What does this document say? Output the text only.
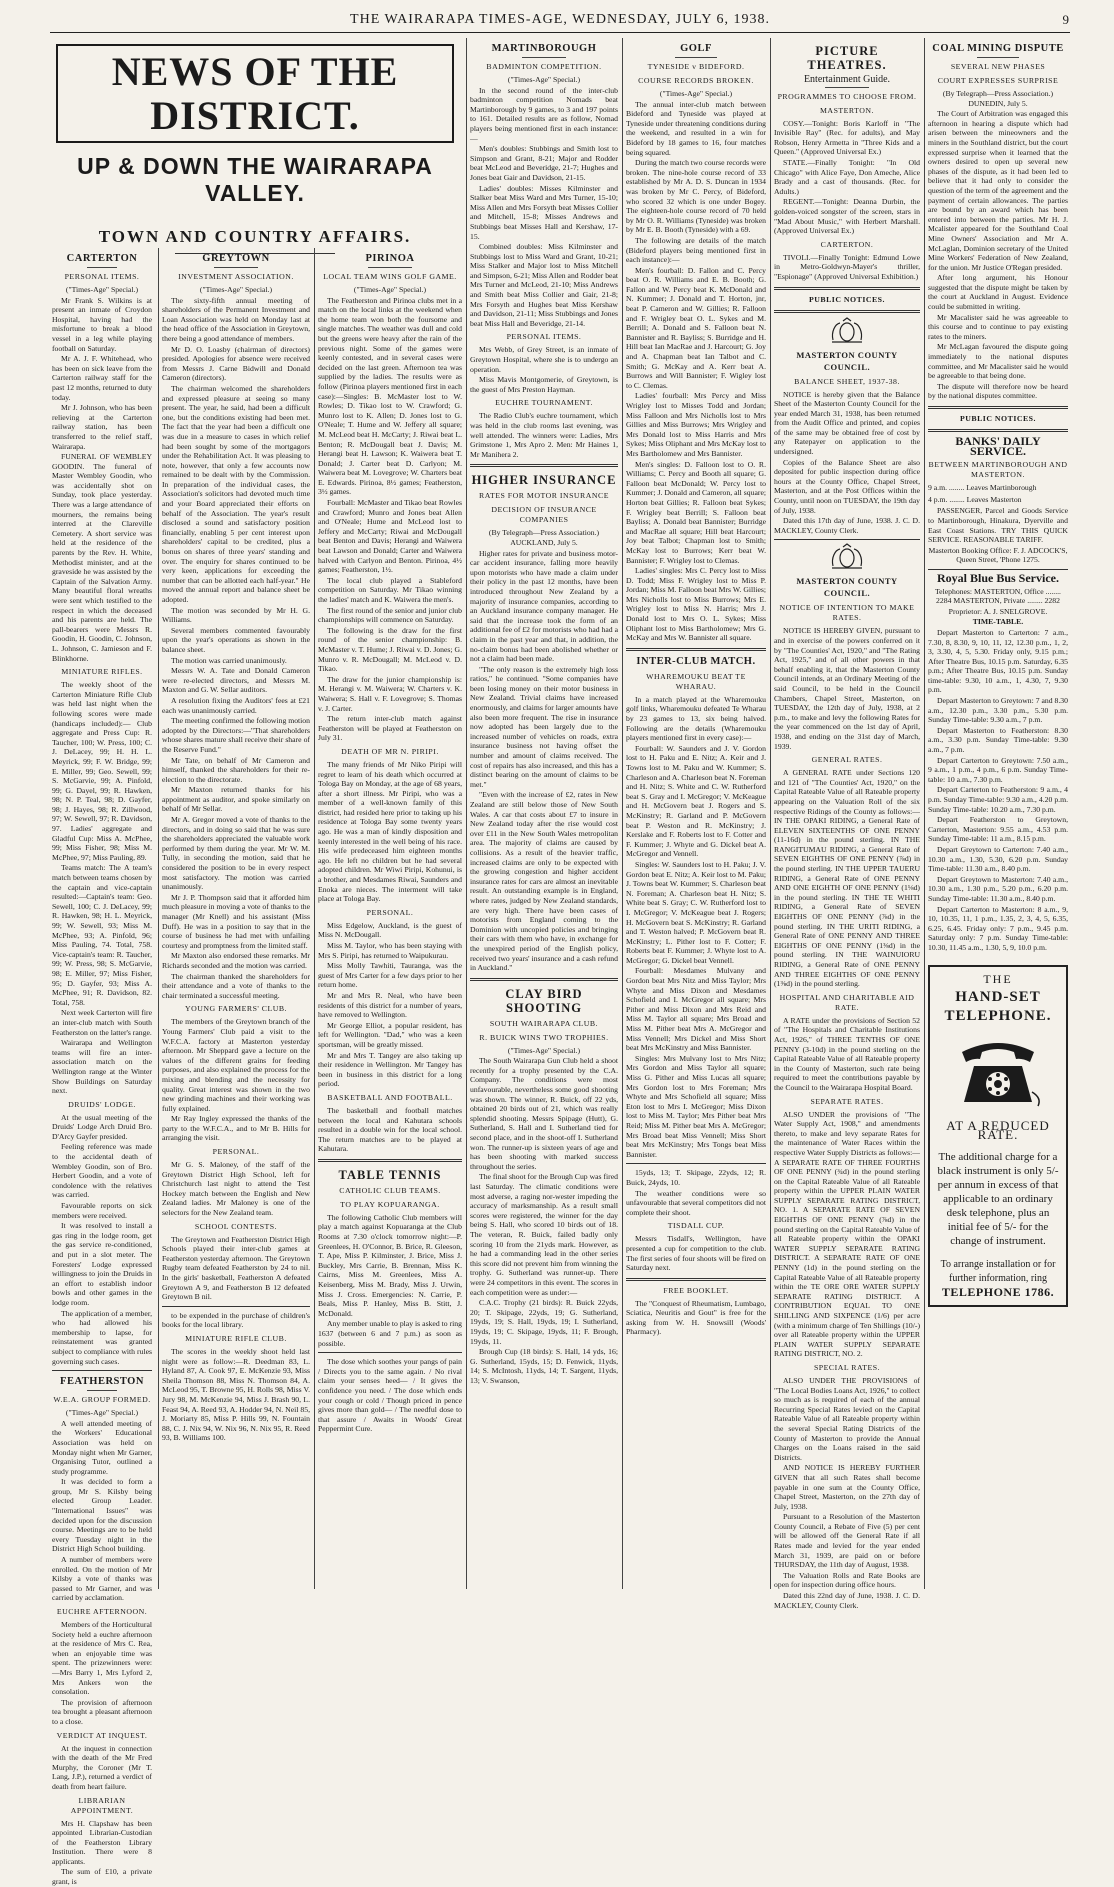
THE WAIRARAPA TIMES-AGE, WEDNESDAY, JULY 6, 1938.	9
NEWS OF THE DISTRICT.
UP & DOWN THE WAIRARAPA VALLEY.
TOWN AND COUNTRY AFFAIRS.
CARTERTON
PERSONAL ITEMS.

("Times-Age" Special.)

Mr Frank S. Wilkins is at present an inmate of Croydon Hospital, having had the misfortune to break a blood vessel in a leg while playing football on Saturday.

Mr A. J. F. Whitehead, who has been on sick leave from the Carterton railway staff for the past 12 months, returned to duty today.

Mr J. Johnson, who has been relieving at the Carterton railway station, has been transferred to the relief staff, Wairarapa.

FUNERAL OF WEMBLEY GOODIN. The funeral of Master Wembley Goodin, who was accidentally shot on Sunday, took place yesterday. There was a large attendance of mourners, the remains being interred at the Clareville Cemetery. A short service was held at the residence of the parents by the Rev. H. White, Methodist minister, and at the graveside he was assisted by the Captain of the Salvation Army. Many beautiful floral wreaths were sent which testified to the respect in which the deceased and his parents are held. The pall-bearers were Messrs R. Goodin, H. Goodin, C. Johnson, L. Johnson, C. Jamieson and F. Blinkhorne.

MINIATURE RIFLES.

The weekly shoot of the Carterton Miniature Rifle Club was held last night when the following scores were made (handicaps included):— Club aggregate and Press Cup: R. Taucher, 100; W. Press, 100; C. J. DeLacey, 99; H. H. L. Meyrick, 99; F. W. Bridge, 99; E. Miller, 99; Geo. Sewell, 99; S. McGarvie, 99; A. Pinfold, 99; G. Dayel, 99; R. Hawken, 98; N. P. Teal, 98; D. Gayfer, 98; J. Hayes, 98; R. Zillwood, 97; W. Sewell, 97; R. Davidson, 97. Ladies' aggregate and Gladful Cup: Miss A. McPhee, 99; Miss Fisher, 98; Miss M. McPhee, 97; Miss Pauling, 89.

Teams match: The A team's match between teams chosen by the captain and vice-captain resulted:—Captain's team: Geo. Sewell, 100; C. J. DeLacey, 99; R. Hawken, 98; H. L. Meyrick, 99; W. Sewell, 93; Miss M. McPhee, 93; A. Pinfold, 96; Miss Pauling, 74. Total, 758. Vice-captain's team: R. Taucher, 99; W. Press, 98; S. McGarvie, 98; E. Miller, 97; Miss Fisher, 95; D. Gayfer, 93; Miss A. McPhee, 91; R. Davidson, 82. Total, 758.

Next week Carterton will fire an inter-club match with South Featherston on the latter's range.

Wairarapa and Wellington teams will fire an inter-association match on the Wellington range at the Winter Show Buildings on Saturday next.

DRUIDS' LODGE.

At the usual meeting of the Druids' Lodge Arch Druid Bro. D'Arcy Gayfer presided.

Feeling reference was made to the accidental death of Wembley Goodin, son of Bro. Herbert Goodin, and a vote of condolence with the relatives was carried.

Favourable reports on sick members were received.

It was resolved to install a gas ring in the lodge room, get the gas service re-conditioned, and put in a slot meter. The Foresters' Lodge expressed willingness to join the Druids in an effort to establish indoor bowls and other games in the lodge room.

The application of a member, who had allowed his membership to lapse, for reinstatement was granted subject to compliance with rules governing such cases.

FEATHERSTON
W.E.A. GROUP FORMED.

("Times-Age" Special.)

A well attended meeting of the Workers' Educational Association was held on Monday night when Mr Garner, Organising Tutor, outlined a study programme.

It was decided to form a group, Mr S. Kilsby being elected Group Leader. "International Issues" was decided upon for the discussion course. Meetings are to be held every Tuesday night in the District High School building.

A number of members were enrolled. On the motion of Mr Kilsby a vote of thanks was passed to Mr Garner, and was carried by acclamation.

EUCHRE AFTERNOON.

Members of the Horticultural Society held a euchre afternoon at the residence of Mrs C. Rea, when an enjoyable time was spent. The prizewinners were:—Mrs Barry 1, Mrs Lyford 2, Mrs Ankers won the consolation.

The provision of afternoon tea brought a pleasant afternoon to a close.

VERDICT AT INQUEST.

At the inquest in connection with the death of the Mr Fred Murphy, the Coroner (Mr T. Lang, J.P.), returned a verdict of death from heart failure.

LIBRARIAN APPOINTMENT.

Mrs H. Clapshaw has been appointed Librarian-Custodian of the Featherston Library Institution. There were 8 applicants.

The sum of £10, a private grant, is

GREYTOWN
INVESTMENT ASSOCIATION.

("Times-Age" Special.)

The sixty-fifth annual meeting of shareholders of the Permanent Investment and Loan Association was held on Monday last at the head office of the Association in Greytown, there being a good attendance of members.

Mr D. O. Loasby (chairman of directors) presided. Apologies for absence were received from Messrs J. Carne Bidwill and Donald Cameron (directors).

The chairman welcomed the shareholders and expressed pleasure at seeing so many present. The year, he said, had been a difficult one, but the conditions existing had been met. The fact that the year had been a difficult one was due in a measure to cases in which relief had been sought by some of the mortgagors under the Rehabilitation Act. It was pleasing to note, however, that only a few accounts now remained to be dealt with by the Commission. In preparation of the individual cases, the Association's solicitors had devoted much time and your Board appreciated their efforts on behalf of the Association. The year's result disclosed a sound and satisfactory position financially, enabling 5 per cent interest upon shareholders' capital to be credited, plus a bonus on shares of three years' standing and over. The enquiry for shares continued to be very keen, applications for exceeding the number that can be allotted each half-year." He moved the annual report and balance sheet be adopted.

The motion was seconded by Mr H. G. Williams.

Several members commented favourably upon the year's operations as shown in the balance sheet.

The motion was carried unanimously.

Messrs W. A. Tate and Donald Cameron were re-elected directors, and Messrs M. Maxton and G. W. Sellar auditors.

A resolution fixing the Auditors' fees at £21 each was unanimously carried.

The meeting confirmed the following motion adopted by the Directors:—"That shareholders whose shares mature shall receive their share of the Reserve Fund."

Mr Tate, on behalf of Mr Cameron and himself, thanked the shareholders for their re-election to the directorate.

Mr Maxton returned thanks for his appointment as auditor, and spoke similarly on behalf of Mr Sellar.

Mr A. Gregor moved a vote of thanks to the directors, and in doing so said that he was sure the shareholders appreciated the valuable work performed by them during the year. Mr W. M. Tully, in seconding the motion, said that he considered the position to be in every respect most satisfactory. The motion was carried unanimously.

Mr J. P. Thompson said that it afforded him much pleasure in moving a vote of thanks to the manager (Mr Knell) and his assistant (Miss Duff). He was in a position to say that in the course of business he had met with unfailing courtesy and promptness from the limited staff.

Mr Maxton also endorsed these remarks. Mr Richards seconded and the motion was carried.

The chairman thanked the shareholders for their attendance and a vote of thanks to the chair terminated a successful meeting.

YOUNG FARMERS' CLUB.

The members of the Greytown branch of the Young Farmers' Club paid a visit to the W.F.C.A. factory at Masterton yesterday afternoon. Mr Sheppard gave a lecture on the values of the different grains for feeding purposes, and also explained the process for the mixing and blending and the necessity for quality. Great interest was shown in the two new grinding machines and their working was fully explained.

Mr Ray Ingley expressed the thanks of the party to the W.F.C.A., and to Mr B. Hills for arranging the visit.

PERSONAL.

Mr G. S. Maloney, of the staff of the Greytown District High School, left for Christchurch last night to attend the Test Hockey match between the English and New Zealand ladies. Mr Maloney is one of the selectors for the New Zealand team.

SCHOOL CONTESTS.

The Greytown and Featherston District High Schools played their inter-club games at Featherston yesterday afternoon. The Greytown Rugby team defeated Featherston by 24 to nil. In the girls' basketball, Featherston A defeated Greytown A 9, and Featherston B 12 defeated Greytown B nil.

to be expended in the purchase of children's books for the local library.

MINIATURE RIFLE CLUB.

The scores in the weekly shoot held last night were as follow:—R. Deedman 83, L. Hyland 87, A. Cook 97, E. McKenzie 93, Miss Sheila Thomson 88, Miss N. Thomson 84, A. McLeod 95, T. Browne 95, H. Rolls 98, Miss V. Jury 98, M. McKenzie 94, Miss J. Brash 90, L. Feast 94, A. Reed 93, A. Hodder 94, N. Neil 85, J. Moriarty 85, Miss P. Hills 99, N. Fountain 88, C. J. Nix 94, W. Nix 96, N. Nix 95, R. Reed 93, B. Williams 100.

PIRINOA
LOCAL TEAM WINS GOLF GAME.

("Times-Age" Special.)

The Featherston and Pirinoa clubs met in a match on the local links at the weekend when the home team won both the foursome and single matches. The weather was dull and cold but the greens were heavy after the rain of the previous night. Some of the games were keenly contested, and in several cases were decided on the last green. Afternoon tea was supplied by the ladies. The results were as follow (Pirinoa players mentioned first in each case):—Singles: B. McMaster lost to W. Rowles; D. Tikao lost to W. Crawford; G. Munro lost to K. Allen; D. Jones lost to G. O'Neale; T. Hume and W. Jeffery all square; M. McLeod beat H. McCarty; J. Riwai beat L. Benton; R. McDougall beat J. Davis; M. Herangi beat H. Lawson; K. Waiwera beat T. Donald; J. Carter beat D. Carlyon; M. Waiwera beat M. Lovegrove; W. Charters beat E. Edwards. Pirinoa, 8½ games; Featherston, 3½ games.

Fourball: McMaster and Tikao beat Rowles and Crawford; Munro and Jones beat Allen and O'Neale; Hume and McLeod lost to Jeffery and McCarty; Riwai and McDougall beat Benton and Davis; Herangi and Waiwera beat Lawson and Donald; Carter and Waiwera halved with Carlyon and Benton. Pirinoa, 4½ games; Featherston, 1½.

The local club played a Stableford competition on Saturday. Mr Tikao winning the ladies' match and K. Waiwera the men's.

The first round of the senior and junior club championships will commence on Saturday.

The following is the draw for the first round of the senior championship: B. McMaster v. T. Hume; J. Riwai v. D. Jones; G. Munro v. R. McDougall; M. McLeod v. D. Tikao.

The draw for the junior championship is: M. Herangi v. M. Waiwera; W. Charters v. K. Waiwera; S. Hall v. F. Lovegrove; S. Thomas v. J. Carter.

The return inter-club match against Featherston will be played at Featherston on July 31.

DEATH OF MR N. PIRIPI.

The many friends of Mr Niko Piripi will regret to learn of his death which occurred at Tologa Bay on Monday, at the age of 68 years, after a short illness. Mr Piripi, who was a member of a well-known family of this district, had resided here prior to taking up his residence at Tologa Bay some twenty years ago. He was a man of kindly disposition and keenly interested in the well being of his race. His wife predeceased him eighteen months ago. He left no children but he had several adopted children. Mr Wiwi Piripi, Kohunui, is a brother, and Mesdames Riwai, Saunders and Enoka are nieces. The interment will take place at Tologa Bay.

PERSONAL.

Miss Edgelow, Auckland, is the guest of Miss N. McDougall.

Miss M. Taylor, who has been staying with Mrs S. Piripi, has returned to Waipukurau.

Miss Molly Tawhiti, Tauranga, was the guest of Mrs Carter for a few days prior to her return home.

Mr and Mrs R. Neal, who have been residents of this district for a number of years, have removed to Wellington.

Mr George Elliot, a popular resident, has left for Wellington. "Dad," who was a keen sportsman, will be greatly missed.

Mr and Mrs T. Tangey are also taking up their residence in Wellington. Mr Tangey has been in business in this district for a long period.

BASKETBALL AND FOOTBALL.

The basketball and football matches between the local and Kahutara schools resulted in a double win for the local school. The return matches are to be played at Kahutara.

TABLE TENNIS
CATHOLIC CLUB TEAMS.
TO PLAY KOPUARANGA.

The following Catholic Club members will play a match against Kopuaranga at the Club Rooms at 7.30 o'clock tomorrow night:—P. Greenlees, H. O'Connor, B. Brice, R. Gleeson, T. Ape, Miss P. Kilminster, J. Brice, Miss J. Buckley, Mrs Carrie, B. Brennan, Miss K. Cairns, Miss M. Greenlees, Miss A. Keisenberg, Miss M. Brady, Miss J. Urwin, Miss J. Cross. Emergencies: N. Carrie, P. Beals, Miss P. Hanley, Miss B. Stitt, J. McDonald.

Any member unable to play is asked to ring 1637 (between 6 and 7 p.m.) as soon as possible.

The dose which soothes your pangs of pain / Directs you to the same again. / No rival claim your senses heed— / It gives the confidence you need. / The dose which ends your cough or cold / Though priced in pence gives more than gold— / The needful dose to that assure / Awaits in Woods' Great Peppermint Cure.

MARTINBOROUGH
BADMINTON COMPETITION.

("Times-Age" Special.)

In the second round of the inter-club badminton competition Nomads beat Martinborough by 9 games, to 3 and 197 points to 161. Detailed results are as follow, Nomad players being mentioned first in each instance:—

Men's doubles: Stubbings and Smith lost to Simpson and Grant, 8-21; Major and Rodder beat McLeod and Beveridge, 21-7; Hughes and Jones beat Gair and Davidson, 21-15.

Ladies' doubles: Misses Kilminster and Stalker beat Miss Ward and Mrs Turner, 15-10; Miss Allen and Mrs Forsyth beat Misses Collier and Mitchell, 15-8; Misses Andrews and Stubbings beat Misses Hall and Kershaw, 17-15.

Combined doubles: Miss Kilminster and Stubbings lost to Miss Ward and Grant, 10-21; Miss Stalker and Major lost to Miss Mitchell and Simpson, 6-21; Miss Allen and Rodder beat Mrs Turner and McLeod, 21-10; Miss Andrews and Smith beat Miss Collier and Gair, 21-8; Mrs Forsyth and Hughes beat Miss Kershaw and Davidson, 21-11; Miss Stubbings and Jones beat Miss Hall and Beveridge, 21-14.

PERSONAL ITEMS.

Mrs Webb, of Grey Street, is an inmate of Greytown Hospital, where she is to undergo an operation.

Miss Mavis Montgomerie, of Greytown, is the guest of Mrs Preston Hayman.

EUCHRE TOURNAMENT.

The Radio Club's euchre tournament, which was held in the club rooms last evening, was well attended. The winners were: Ladies, Mrs Grimstone 1, Mrs Apro 2. Men: Mr Haines 1, Mr Manihera 2.

HIGHER INSURANCE
RATES FOR MOTOR INSURANCE
DECISION OF INSURANCE COMPANIES

(By Telegraph—Press Association.) AUCKLAND, July 5.

Higher rates for private and business motor-car accident insurance, falling more heavily upon motorists who have made a claim under their policy in the past 12 months, have been introduced throughout New Zealand by a majority of insurance companies, according to an Auckland insurance company manager. He said that the increase took the form of an additional fee of £2 for motorists who had had a claim in the past year and that, in addition, the no-claim bonus had been abolished whether or not a claim had been made.

"The only reason is the extremely high loss ratios," he continued. "Some companies have been losing money on their motor business in New Zealand. Trivial claims have increased enormously, and claims for larger amounts have also been more frequent. The rise in insurance now adopted has been largely due to the increased number of vehicles on roads, extra insurance business not having offset the number and amount of claims received. The cost of repairs has also increased, and this has a distinct bearing on the amount of claims to be met."

"Even with the increase of £2, rates in New Zealand are still below those of New South Wales. A car that costs about £7 to insure in New Zealand today after the rise would cost over £11 in the New South Wales metropolitan area. The majority of claims are caused by collisions. As a result of the heavier traffic, increased claims are only to be expected with the growing congestion and higher accident insurance rates for cars are almost an inevitable result. An outstanding example is in England, where rates, judged by New Zealand standards, are very high. There have been cases of motorists from England coming to the Dominion with uncopied policies and bringing their cars with them who have, in exchange for the unexpired period of the English policy, received two years' insurance and a cash refund in Auckland."

CLAY BIRD SHOOTING
SOUTH WAIRARAPA CLUB.
R. BUICK WINS TWO TROPHIES.

("Times-Age" Special.)

The South Wairarapa Gun Club held a shoot recently for a trophy presented by the C.A. Company. The conditions were most unfavourable, nevertheless some good shooting was shown. The winner, R. Buick, off 22 yds, obtained 20 birds out of 21, which was really splendid shooting. Messrs Spipage (Hutt), G. Sutherland, S. Hall and I. Sutherland tied for second place, and in the shoot-off I. Sutherland won. The runner-up is sixteen years of age and has been shooting with marked success throughout the series.

The final shoot for the Brough Cup was fired last Saturday. The climatic conditions were most adverse, a raging nor-wester impeding the accuracy of marksmanship. As a result small scores were registered, the winner for the day being S. Hall, who scored 10 birds out of 18. The veteran, R. Buick, failed badly only scoring 10 from the 21yds mark. However, as he had a commanding lead in the other series this score did not prevent him from winning the trophy. G. Sutherland was runner-up. There were 24 competitors in this event. The scores in each competition were as under:—

C.A.C. Trophy (21 birds): R. Buick 22yds, 20; T. Skipage, 22yds, 19; G. Sutherland, 19yds, 19; S. Hall, 19yds, 19; I. Sutherland, 19yds, 19; C. Skipage, 19yds, 11; F. Brough, 19yds, 11.

Brough Cup (18 birds): S. Hall, 14 yds, 16; G. Sutherland, 15yds, 15; D. Fenwick, 11yds, 14; S. McIntosh, 11yds, 14; T. Sargent, 11yds, 13; V. Swanson,

GOLF
TYNESIDE v BIDEFORD.
COURSE RECORDS BROKEN.

("Times-Age" Special.)

The annual inter-club match between Bideford and Tyneside was played at Tyneside under threatening conditions during the weekend, and resulted in a win for Bideford by 18 games to 16, four matches being squared.

During the match two course records were broken. The nine-hole course record of 33 established by Mr A. D. S. Duncan in 1934 was broken by Mr C. Percy, of Bideford, who scored 32 which is one under Bogey. The eighteen-hole course record of 70 held by Mr O. R. Williams (Tyneside) was broken by Mr E. B. Booth (Tyneside) with a 69.

The following are details of the match (Bideford players being mentioned first in each instance):—

Men's fourball: D. Fallon and C. Percy beat O. R. Williams and E. B. Booth; G. Fallon and W. Percy beat K. McDonald and N. Kummer; J. Donald and T. Horton, jnr, beat P. Cameron and W. Gillies; R. Falloon and F. Wrigley beat O. L. Sykes and M. Berrill; A. Donald and S. Falloon beat N. Bannister and R. Bayliss; S. Burridge and H. Hill beat Ian MacRae and J. Harcourt; G. Joy and A. Chapman beat Ian Talbot and C. Smith; G. McKay and A. Kerr beat A. Burrows and Will Bannister; F. Wigley lost to C. Clemas.

Ladies' fourball: Mrs Percy and Miss Wrigley lost to Misses Todd and Jordan; Miss Falloon and Mrs Nicholls lost to Mrs Gillies and Miss Burrows; Mrs Wrigley and Mrs Donald lost to Miss Harris and Mrs Sykes; Miss Oliphant and Mrs McKay lost to Mrs Bartholomew and Mrs Bannister.

Men's singles: D. Falloon lost to O. R. Williams; C. Percy and Booth all square; G. Falloon beat McDonald; W. Percy lost to Kummer; J. Donald and Cameron, all square; Horton beat Gillies; R. Falloon beat Sykes; F. Wrigley beat Berrill; S. Falloon beat Bayliss; A. Donald beat Bannister; Burridge and MacRae all square; Hill beat Harcourt; Joy beat Talbot; Chapman lost to Smith; McKay lost to Burrows; Kerr beat W. Bannister; F. Wrigley lost to Clemas.

Ladies' singles: Mrs C. Percy lost to Miss D. Todd; Miss F. Wrigley lost to Miss P. Jordan; Miss M. Falloon beat Mrs W. Gillies; Mrs Nicholls lost to Miss Burrows; Mrs E. Wrigley lost to Miss N. Harris; Mrs J. Donald lost to Mrs O. L. Sykes; Miss Oliphant lost to Miss Bartholomew; Mrs G. McKay and Mrs W. Bannister all square.

INTER-CLUB MATCH.
WHAREMOUKU BEAT TE WHARAU.

In a match played at the Wharemouku golf links, Wharemouku defeated Te Wharau by 23 games to 13, six being halved. Following are the details (Wharemouku players mentioned first in every case):—

Fourball: W. Saunders and J. V. Gordon lost to H. Paku and E. Nitz; A. Keir and J. Towns lost to M. Paku and W. Kummer; S. Charleson and A. Charleson beat N. Foreman and H. Nitz; S. White and C. W. Rutherford beat S. Gray and I. McGregor; V. McKeague and H. McGovern beat J. Rogers and S. McKinstry; R. Garland and P. McGovern beat P. Weston and R. McKinstry; J. Kerslake and F. Roberts lost to F. Cotter and F. Kummer; J. Whyte and G. Dickel beat A. McGregor and Vennell.

Singles: W. Saunders lost to H. Paku; J. V. Gordon beat E. Nitz; A. Keir lost to M. Paku; J. Towns beat W. Kummer; S. Charleson beat N. Foreman; A. Charleson beat H. Nitz; S. White beat S. Gray; C. W. Rutherford lost to I. McGregor; V. McKeague beat J. Rogers; H. McGovern beat S. McKinstry; R. Garland and T. Weston halved; P. McGovern beat R. McKinstry; L. Pither lost to F. Cotter; F. Roberts beat F. Kummer; J. Whyte lost to A. McGregor; G. Dickel beat Vennell.

Fourball: Mesdames Mulvany and Gordon beat Mrs Nitz and Miss Taylor; Mrs Whyte and Miss Dixon and Mesdames Schofield and I. McGregor all square; Mrs Pither and Miss Dixon and Mrs Reid and Miss M. Taylor all square; Mrs Broad and Miss M. Pither beat Mrs A. McGregor and Miss Vennell; Mrs Dickel and Miss Short beat Mrs McKinstry and Miss Bannister.

Singles: Mrs Mulvany lost to Mrs Nitz; Mrs Gordon and Miss Taylor all square; Miss G. Pither and Miss Lucas all square; Mrs Gordon lost to Mrs Foreman; Mrs Whyte and Mrs Schofield all square; Miss Eton lost to Mrs I. McGregor; Miss Dixon lost to Miss M. Taylor; Mrs Pither beat Mrs Reid; Miss M. Pither beat Mrs A. McGregor; Mrs Broad beat Miss Vennell; Miss Short beat Mrs McKinstry; Mrs Tongs beat Miss Bannister.

15yds, 13; T. Skipage, 22yds, 12; R. Buick, 24yds, 10.

The weather conditions were so unfavourable that several competitors did not complete their shoot.

TISDALL CUP.

Messrs Tisdall's, Wellington, have presented a cup for competition to the club. The first series of four shoots will be fired on Saturday next.

FREE BOOKLET.

The "Conquest of Rheumatism, Lumbago, Sciatica, Neuritis and Gout" is free for the asking from W. H. Snowsill (Woods' Pharmacy).

PICTURE THEATRES.
Entertainment Guide.
PROGRAMMES TO CHOOSE FROM.
MASTERTON.

COSY.—Tonight: Boris Karloff in "The Invisible Ray" (Rec. for adults), and May Robson, Henry Armetta in "Three Kids and a Queen." (Approved Universal Ex.)

STATE.—Finally Tonight: "In Old Chicago" with Alice Faye, Don Ameche, Alice Brady and a cast of thousands. (Rec. for Adults.)

REGENT.—Tonight: Deanna Durbin, the golden-voiced songster of the screen, stars in "Mad About Music," with Herbert Marshall. (Approved Universal Ex.)

CARTERTON.

TIVOLI.—Finally Tonight: Edmund Lowe in Metro-Goldwyn-Mayer's thriller, "Espionage" (Approved Universal Exhibition.)

PUBLIC NOTICES.
MASTERTON COUNTY COUNCIL.
BALANCE SHEET, 1937-38.

NOTICE is hereby given that the Balance Sheet of the Masterton County Council for the year ended March 31, 1938, has been returned from the Audit Office and printed, and copies of the same may be obtained free of cost by any Ratepayer on application to the undersigned.

Copies of the Balance Sheet are also deposited for public inspection during office hours at the County Office, Chapel Street, Masterton, and at the Post Offices within the County, until noon on TUESDAY, the 19th day of July, 1938.

Dated this 17th day of June, 1938. J. C. D. MACKLEY, County Clerk.

MASTERTON COUNTY COUNCIL.
NOTICE OF INTENTION TO MAKE RATES.

NOTICE IS HEREBY GIVEN, pursuant to and in exercise of the powers conferred on it by "The Counties' Act, 1920," and "The Rating Act, 1925," and of all other powers in that behalf enabling it, that the Masterton County Council intends, at an Ordinary Meeting of the said Council, to be held in the Council Chambers, Chapel Street, Masterton, on TUESDAY, the 12th day of July, 1938, at 2 p.m., to make and levy the following Rates for the year commenced on the 1st day of April, 1938, and ending on the 31st day of March, 1939.

GENERAL RATES.

A GENERAL RATE under Sections 120 and 121 of "The Counties' Act, 1920," on the Capital Rateable Value of all Rateable property appearing on the Valuation Roll of the six respective Ridings of the County as follows:— IN THE OPAKI RIDING, a General Rate of ELEVEN SIXTEENTHS OF ONE PENNY (11-16d) in the pound sterling. IN THE RANGITUMAU RIDING, a General Rate of SEVEN EIGHTHS OF ONE PENNY (⅞d) in the pound sterling. IN THE UPPER TAUERU RIDING, a General Rate of ONE PENNY AND ONE EIGHTH OF ONE PENNY (1⅛d) in the pound sterling. IN THE TE WHITI RIDING, a General Rate of SEVEN EIGHTHS OF ONE PENNY (⅞d) in the pound sterling. IN THE URITI RIDING, a General Rate of ONE PENNY AND THREE EIGHTHS OF ONE PENNY (1⅜d) in the pound sterling. IN THE WAINUIORU RIDING, a General Rate of ONE PENNY AND THREE EIGHTHS OF ONE PENNY (1⅜d) in the pound sterling.

HOSPITAL AND CHARITABLE AID RATE.

A RATE under the provisions of Section 52 of "The Hospitals and Charitable Institutions Act, 1926," of THREE TENTHS OF ONE PENNY (3-10d) in the pound sterling on the Capital Rateable Value of all Rateable property in the County of Masterton, such rate being required to meet the contributions payable by the Council to the Wairarapa Hospital Board.

SEPARATE RATES.

ALSO UNDER the provisions of "The Water Supply Act, 1908," and amendments thereto, to make and levy separate Rates for the maintenance of Water Races within the respective Water Supply Districts as follows:— A SEPARATE RATE OF THREE FOURTHS OF ONE PENNY (¾d) in the pound sterling on the Capital Rateable Value of all Rateable property within the UPPER PLAIN WATER SUPPLY SEPARATE RATING DISTRICT, NO. 1. A SEPARATE RATE OF SEVEN EIGHTHS OF ONE PENNY (⅞d) in the pound sterling on the Capital Rateable Value of all Rateable property within the OPAKI WATER SUPPLY SEPARATE RATING DISTRICT. A SEPARATE RATE OF ONE PENNY (1d) in the pound sterling on the Capital Rateable Value of all Rateable property within the TE ORE ORE WATER SUPPLY SEPARATE RATING DISTRICT. A CONTRIBUTION EQUAL TO ONE SHILLING AND SIXPENCE (1/6) per acre (with a minimum charge of Ten Shillings (10/-) over all Rateable property within the UPPER PLAIN WATER SUPPLY SEPARATE RATING DISTRICT, NO. 2.

SPECIAL RATES.

ALSO UNDER THE PROVISIONS of "The Local Bodies Loans Act, 1926," to collect so much as is required of each of the annual Recurring Special Rates levied on the Capital Rateable Value of all Rateable property within the several Special Rating Districts of the County of Masterton to provide the Annual Charges on the Loans raised in the said Districts.

AND NOTICE IS HEREBY FURTHER GIVEN that all such Rates shall become payable in one sum at the County Office, Chapel Street, Masterton, on the 27th day of July, 1938.

Pursuant to a Resolution of the Masterton County Council, a Rebate of Five (5) per cent will be allowed off the General Rate if all Rates made and levied for the year ended March 31, 1939, are paid on or before THURSDAY, the 11th day of August, 1938.

The Valuation Rolls and Rate Books are open for inspection during office hours.

Dated this 22nd day of June, 1938. J. C. D. MACKLEY, County Clerk.

COAL MINING DISPUTE
SEVERAL NEW PHASES
COURT EXPRESSES SURPRISE

(By Telegraph—Press Association.) DUNEDIN, July 5.

The Court of Arbitration was engaged this afternoon in hearing a dispute which had arisen between the mineowners and the miners in the Southland district, but the court expressed surprise when it learned that the owners desired to open up several new phases of the dispute, as it had been led to believe that it had only to consider the question of the term of the agreement and the payment of certain allowances. The parties are bound by an award which has been entered into between the parties. Mr H. J. Mcalister appeared for the Southland Coal Mine Owners' Association and Mr A. McLaglan, Dominion secretary of the United Mine Workers' Federation of New Zealand, for the union. Mr Justice O'Regan presided.

After long argument, his Honour suggested that the dispute might be taken by the court at Auckland in August. Evidence could be submitted in writing.

Mr Macalister said he was agreeable to this course and to continue to pay existing rates to the miners.

Mr McLagan favoured the dispute going immediately to the national disputes committee, and Mr Macalister said he would be agreeable to that being done.

The dispute will therefore now be heard by the national disputes committee.

PUBLIC NOTICES.
BANKS' DAILY SERVICE.
BETWEEN MARTINBOROUGH AND MASTERTON.

9 a.m. ........ Leaves Martinborough

4 p.m. ........ Leaves Masterton

PASSENGER, Parcel and Goods Service to Martinborough, Hinakura, Dyerville and East Coast Stations. TRY THIS QUICK SERVICE. REASONABLE TARIFF.

Masterton Booking Office: F. J. ADCOCK'S, Queen Street, 'Phone 1275.

Royal Blue Bus Service.

Telephones: MASTERTON, Office ........ 2284 MASTERTON, Private ........ 2282

Proprietor: A. J. SNELGROVE.

TIME-TABLE.

Depart Masterton to Carterton: 7 a.m., 7.30, 8, 8.30, 9, 10, 11, 12, 12.30 p.m., 1, 2, 3, 3.30, 4, 5, 5.30. Friday only, 9.15 p.m.; After Theatre Bus, 10.15 p.m. Saturday, 6.35 p.m.; After Theatre Bus, 10.15 p.m. Sunday time-table: 9.30, 10 a.m., 1, 4.30, 7, 9.30 p.m.

Depart Masterton to Greytown: 7 and 8.30 a.m., 12.30 p.m., 3.30 p.m., 5.30 p.m. Sunday Time-table: 9.30 a.m., 7 p.m.

Depart Masterton to Featherston: 8.30 a.m., 3.30 p.m. Sunday Time-table: 9.30 a.m., 7 p.m.

Depart Carterton to Greytown: 7.50 a.m., 9 a.m., 1 p.m., 4 p.m., 6 p.m. Sunday Time-table: 10 a.m., 7.30 p.m.

Depart Carterton to Featherston: 9 a.m., 4 p.m. Sunday Time-table: 9.30 a.m., 4.20 p.m. Sunday Time-table: 10.20 a.m., 7.30 p.m.

Depart Featherston to Greytown, Carterton, Masterton: 9.55 a.m., 4.53 p.m. Sunday Time-table: 11 a.m., 8.15 p.m.

Depart Greytown to Carterton: 7.40 a.m., 10.30 a.m., 1.30, 5.30, 6.20 p.m. Sunday Time-table: 11.30 a.m., 8.40 p.m.

Depart Greytown to Masterton: 7.40 a.m., 10.30 a.m., 1.30 p.m., 5.20 p.m., 6.20 p.m. Sunday Time-table: 11.30 a.m., 8.40 p.m.

Depart Carterton to Masterton: 8 a.m., 9, 10, 10.35, 11, 1 p.m., 1.35, 2, 3, 4, 5, 6.35, 6.25, 6.45. Friday only: 7 p.m., 9.45 p.m. Saturday only: 7 p.m. Sunday Time-table: 10.30, 11.45 a.m., 1.30, 5, 9, 10.0 p.m.

THE
HAND-SET TELEPHONE.
AT A REDUCED RATE.
The additional charge for a black instrument is only 5/- per annum in excess of that applicable to an ordinary desk telephone, plus an initial fee of 5/- for the change of instrument.
To arrange installation or for further information, ring
TELEPHONE 1786.
